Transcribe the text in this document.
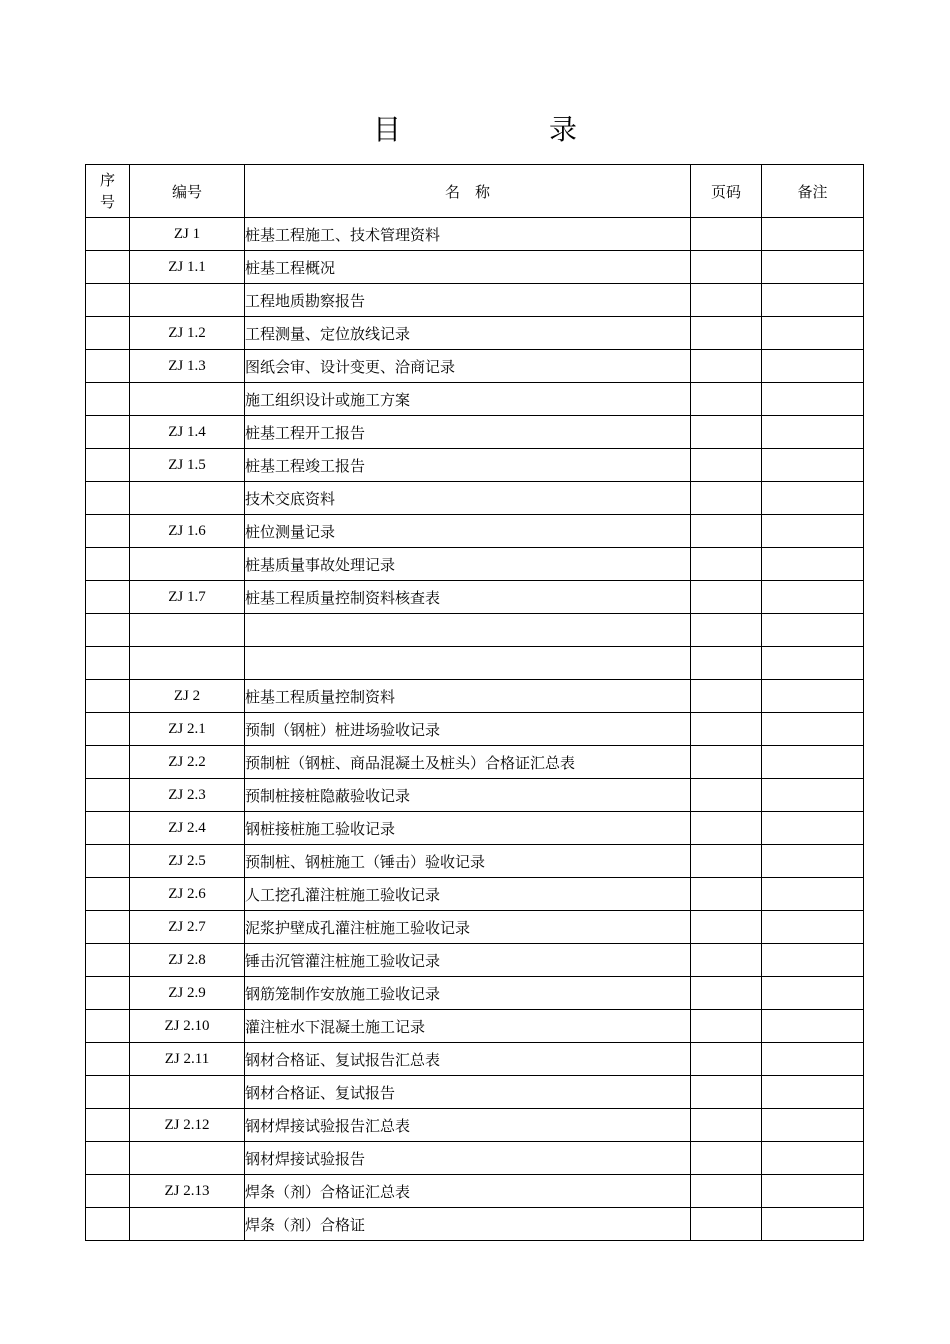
目　录
序
号	编号	名　称	页码	备注
	ZJ 1	桩基工程施工、技术管理资料		
	ZJ 1.1	桩基工程概况		
		工程地质勘察报告		
	ZJ 1.2	工程测量、定位放线记录		
	ZJ 1.3	图纸会审、设计变更、洽商记录		
		施工组织设计或施工方案		
	ZJ 1.4	桩基工程开工报告		
	ZJ 1.5	桩基工程竣工报告		
		技术交底资料		
	ZJ 1.6	桩位测量记录		
		桩基质量事故处理记录		
	ZJ 1.7	桩基工程质量控制资料核查表		

	ZJ 2	桩基工程质量控制资料		
	ZJ 2.1	预制（钢桩）桩进场验收记录		
	ZJ 2.2	预制桩（钢桩、商品混凝土及桩头）合格证汇总表		
	ZJ 2.3	预制桩接桩隐蔽验收记录		
	ZJ 2.4	钢桩接桩施工验收记录		
	ZJ 2.5	预制桩、钢桩施工（锤击）验收记录		
	ZJ 2.6	人工挖孔灌注桩施工验收记录		
	ZJ 2.7	泥浆护壁成孔灌注桩施工验收记录		
	ZJ 2.8	锤击沉管灌注桩施工验收记录		
	ZJ 2.9	钢筋笼制作安放施工验收记录		
	ZJ 2.10	灌注桩水下混凝土施工记录		
	ZJ 2.11	钢材合格证、复试报告汇总表		
		钢材合格证、复试报告		
	ZJ 2.12	钢材焊接试验报告汇总表		
		钢材焊接试验报告		
	ZJ 2.13	焊条（剂）合格证汇总表		
		焊条（剂）合格证		
